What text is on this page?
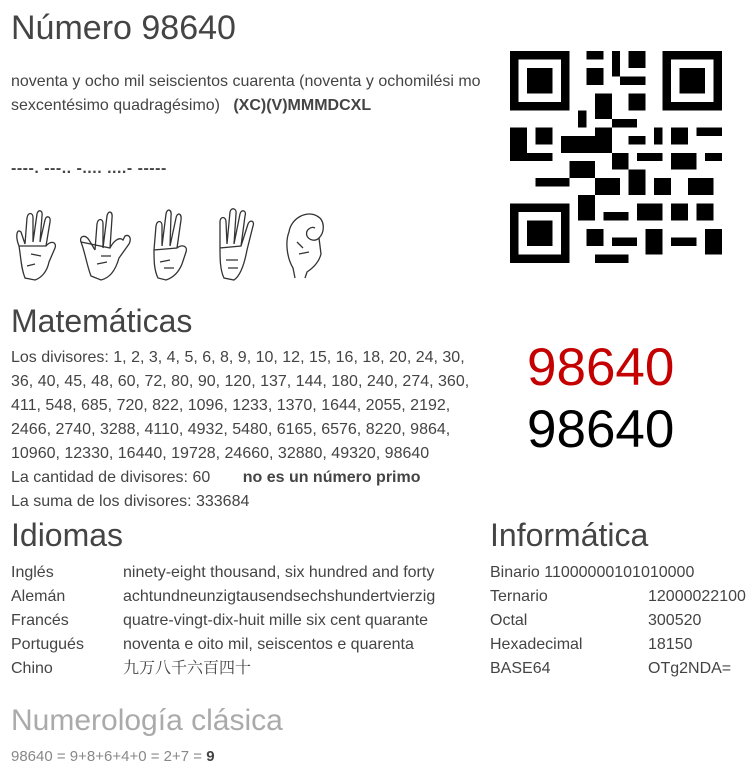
Número 98640
noventa y ocho mil seiscientos cuarenta (noventa y ochomilési mo sexcentésimo quadragésimo) (XC)(V)MMMDCXL
----. ---.. -.... ....- -----

Matemáticas
Los divisores: 1, 2, 3, 4, 5, 6, 8, 9, 10, 12, 15, 16, 18, 20, 24, 30,
36, 40, 45, 48, 60, 72, 80, 90, 120, 137, 144, 180, 240, 274, 360,
411, 548, 685, 720, 822, 1096, 1233, 1370, 1644, 2055, 2192,
2466, 2740, 3288, 4110, 4932, 5480, 6165, 6576, 8220, 9864,
10960, 12330, 16440, 19728, 24660, 32880, 49320, 98640
La cantidad de divisores: 60 no es un número primo
La suma de los divisores: 333684
98640
98640
Idiomas
Inglés	ninety-eight thousand, six hundred and forty
Alemán	achtundneunzigtausendsechshundertvierzig
Francés	quatre-vingt-dix-huit mille six cent quarante
Portugués	noventa e oito mil, seiscentos e quarenta
Chino	九万八千六百四十
Informática
Binario 11000000101010000	
Ternario	12000022100
Octal	300520
Hexadecimal	18150
BASE64	OTg2NDA=
Numerología clásica
98640 = 9+8+6+4+0 = 2+7 = 9
